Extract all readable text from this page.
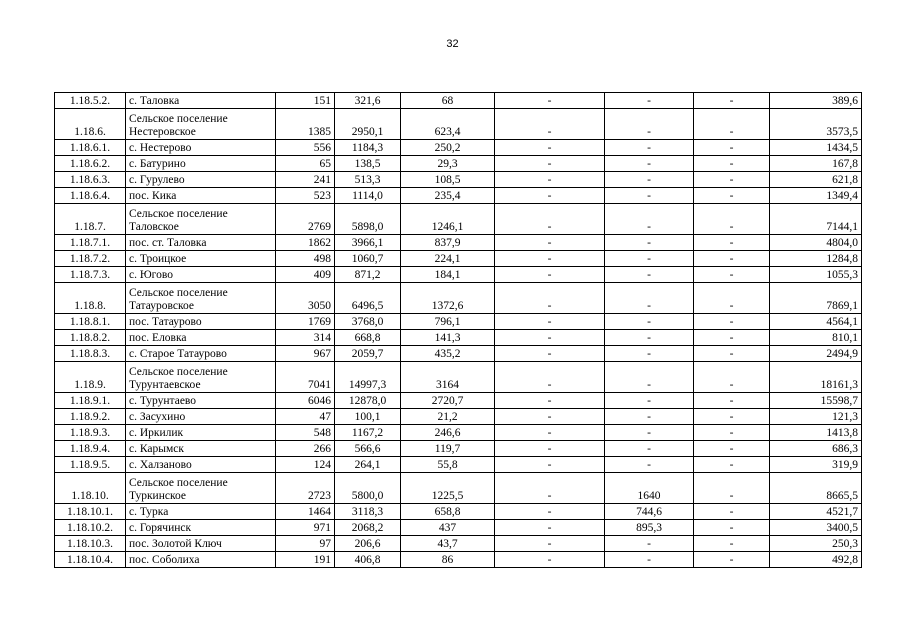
32
1.18.5.2.	с. Таловка	151	321,6	68	-	-	-	389,6
1.18.6.	Сельское поселение Нестеровское	1385	2950,1	623,4	-	-	-	3573,5
1.18.6.1.	с. Нестерово	556	1184,3	250,2	-	-	-	1434,5
1.18.6.2.	с. Батурино	65	138,5	29,3	-	-	-	167,8
1.18.6.3.	с. Гурулево	241	513,3	108,5	-	-	-	621,8
1.18.6.4.	пос. Кика	523	1114,0	235,4	-	-	-	1349,4
1.18.7.	Сельское поселение Таловское	2769	5898,0	1246,1	-	-	-	7144,1
1.18.7.1.	пос. ст. Таловка	1862	3966,1	837,9	-	-	-	4804,0
1.18.7.2.	с. Троицкое	498	1060,7	224,1	-	-	-	1284,8
1.18.7.3.	с. Югово	409	871,2	184,1	-	-	-	1055,3
1.18.8.	Сельское поселение Татауровское	3050	6496,5	1372,6	-	-	-	7869,1
1.18.8.1.	пос. Татаурово	1769	3768,0	796,1	-	-	-	4564,1
1.18.8.2.	пос. Еловка	314	668,8	141,3	-	-	-	810,1
1.18.8.3.	с. Старое Татаурово	967	2059,7	435,2	-	-	-	2494,9
1.18.9.	Сельское поселение Турунтаевское	7041	14997,3	3164	-	-	-	18161,3
1.18.9.1.	с. Турунтаево	6046	12878,0	2720,7	-	-	-	15598,7
1.18.9.2.	с. Засухино	47	100,1	21,2	-	-	-	121,3
1.18.9.3.	с. Иркилик	548	1167,2	246,6	-	-	-	1413,8
1.18.9.4.	с. Карымск	266	566,6	119,7	-	-	-	686,3
1.18.9.5.	с. Халзаново	124	264,1	55,8	-	-	-	319,9
1.18.10.	Сельское поселение Туркинское	2723	5800,0	1225,5	-	1640	-	8665,5
1.18.10.1.	с. Турка	1464	3118,3	658,8	-	744,6	-	4521,7
1.18.10.2.	с. Горячинск	971	2068,2	437	-	895,3	-	3400,5
1.18.10.3.	пос. Золотой Ключ	97	206,6	43,7	-	-	-	250,3
1.18.10.4.	пос. Соболиха	191	406,8	86	-	-	-	492,8
